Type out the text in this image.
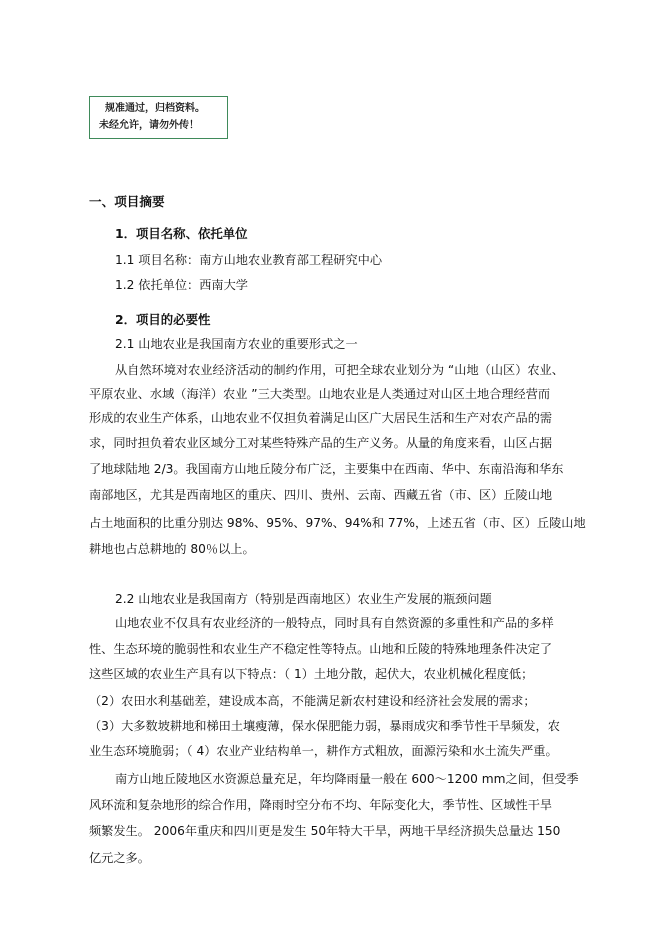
规准通过，归档资料。
未经允许，请勿外传！
一、项目摘要
1．项目名称、依托单位
1.1 项目名称：南方山地农业教育部工程研究中心
1.2 依托单位：西南大学
2．项目的必要性
2.1 山地农业是我国南方农业的重要形式之一
从自然环境对农业经济活动的制约作用，可把全球农业划分为 “山地（山区）农业、
平原农业、水域（海洋）农业 ”三大类型。山地农业是人类通过对山区土地合理经营而
形成的农业生产体系，山地农业不仅担负着满足山区广大居民生活和生产对农产品的需
求，同时担负着农业区域分工对某些特殊产品的生产义务。从量的角度来看，山区占据
了地球陆地 2/3。我国南方山地丘陵分布广泛，主要集中在西南、华中、东南沿海和华东
南部地区，尤其是西南地区的重庆、四川、贵州、云南、西藏五省（市、区）丘陵山地
占土地面积的比重分别达 98%、95%、97%、94%和 77%，上述五省（市、区）丘陵山地
耕地也占总耕地的 80％以上。
2.2 山地农业是我国南方（特别是西南地区）农业生产发展的瓶颈问题
山地农业不仅具有农业经济的一般特点，同时具有自然资源的多重性和产品的多样
性、生态环境的脆弱性和农业生产不稳定性等特点。山地和丘陵的特殊地理条件决定了
这些区域的农业生产具有以下特点：（ 1）土地分散，起伏大，农业机械化程度低；
（2）农田水利基础差，建设成本高，不能满足新农村建设和经济社会发展的需求；
（3）大多数坡耕地和梯田土壤瘦薄，保水保肥能力弱，暴雨成灾和季节性干旱频发，农
业生态环境脆弱；（ 4）农业产业结构单一，耕作方式粗放，面源污染和水土流失严重。
南方山地丘陵地区水资源总量充足，年均降雨量一般在 600～1200 mm之间，但受季
风环流和复杂地形的综合作用，降雨时空分布不均、年际变化大，季节性、区域性干旱
频繁发生。 2006年重庆和四川更是发生 50年特大干旱，两地干旱经济损失总量达 150
亿元之多。
